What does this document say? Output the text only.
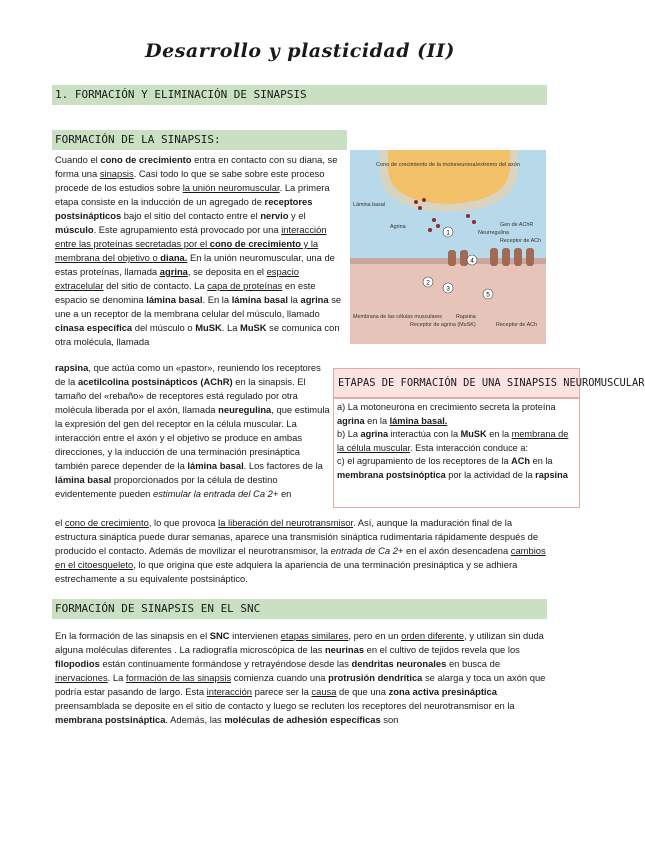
Desarrollo y plasticidad (II)
1. FORMACIÓN Y ELIMINACIÓN DE SINAPSIS
FORMACIÓN DE LA SINAPSIS:

Cuando el cono de crecimiento entra en contacto con su diana, se forma una sinapsis. Casi todo lo que se sabe sobre este proceso procede de los estudios sobre la unión neuromuscular. La primera etapa consiste en la inducción de un agregado de receptores postsinápticos bajo el sitio del contacto entre el nervio y el músculo. Este agrupamiento está provocado por una interacción entre las proteínas secretadas por el cono de crecimiento y la membrana del objetivo o diana. En la unión neuromuscular, una de estas proteínas, llamada agrina, se deposita en el espacio extracelular del sitio de contacto. La capa de proteínas en este espacio se denomina lámina basal. En la lámina basal la agrina se une a un receptor de la membrana celular del músculo, llamado cinasa específica del músculo o MuSK. La MuSK se comunica con otra molécula, llamada

rapsina, que actúa como un «pastor», reuniendo los receptores de la acetilcolina postsinápticos (AChR) en la sinapsis. El tamaño del «rebaño» de receptores está regulado por otra molécula liberada por el axón, llamada neuregulina, que estimula la expresión del gen del receptor en la célula muscular. La interacción entre el axón y el objetivo se produce en ambas direcciones, y la inducción de una terminación presináptica también parece depender de la lámina basal. Los factores de la lámina basal proporcionados por la célula de destino evidentemente pueden estimular la entrada del Ca 2+ en

el cono de crecimiento, lo que provoca la liberación del neurotransmisor. Así, aunque la maduración final de la estructura sináptica puede durar semanas, aparece una transmisión sináptica rudimentaria rápidamente después de producido el contacto. Además de movilizar el neurotransmisor, la entrada de Ca 2+ en el axón desencadena cambios en el citoesqueleto, lo que origina que este adquiera la apariencia de una terminación presináptica y se adhiera estrechamente a su equivalente postsináptico.

1
2
3
4
5
Cono de crecimiento de la motoneurona/extremo del axón
Lámina basal
Agrina
Neurregulina
Gen de AChR
Receptor de ACh
Membrana de las células musculares
Receptor de agrina (MuSK)
Rapsina
Receptor de ACh
ETAPAS DE FORMACIÓN DE UNA SINAPSIS NEUROMUSCULAR

a) La motoneurona en crecimiento secreta la proteína agrina en la lámina basal.
b) La agrina interactúa con la MuSK en la membrana de la célula muscular. Esta interacción conduce a:
c) el agrupamiento de los receptores de la ACh en la membrana postsinóptica por la actividad de la rapsina

FORMACIÓN DE SINAPSIS EN EL SNC

En la formación de las sinapsis en el SNC intervienen etapas similares, pero en un orden diferente, y utilizan sin duda alguna moléculas diferentes . La radiografía microscópica de las neurinas en el cultivo de tejidos revela que los filopodios están continuamente formándose y retrayéndose desde las dendritas neuronales en busca de inervaciones. La formación de las sinapsis comienza cuando una protrusión dendrítica se alarga y toca un axón que podría estar pasando de largo. Esta interacción parece ser la causa de que una zona activa presináptica preensamblada se deposite en el sitio de contacto y luego se recluten los receptores del neurotransmisor en la membrana postsináptica. Además, las moléculas de adhesión específicas son
